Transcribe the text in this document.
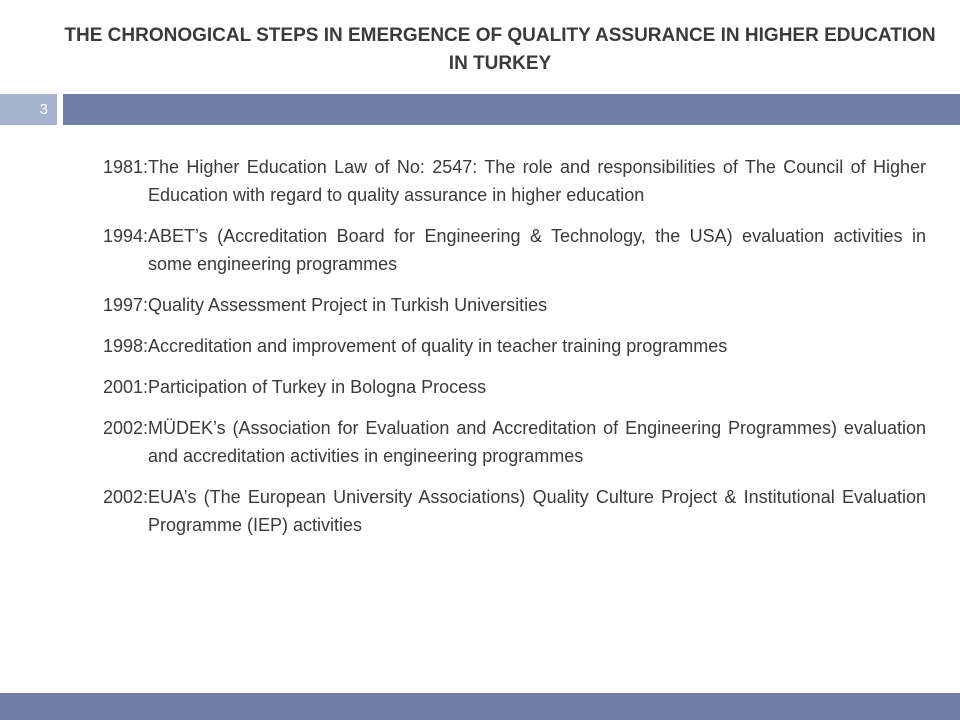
THE CHRONOGICAL STEPS IN EMERGENCE OF QUALITY ASSURANCE IN HIGHER EDUCATION IN TURKEY
3
1981: The Higher Education Law of No: 2547: The role and responsibilities of The Council of Higher Education with regard to quality assurance in higher education
1994: ABET’s (Accreditation Board for Engineering & Technology, the USA) evaluation activities in some engineering programmes
1997: Quality Assessment Project in Turkish Universities
1998: Accreditation and improvement of quality in teacher training programmes
2001: Participation of Turkey in Bologna Process
2002: MÜDEK’s (Association for Evaluation and Accreditation of Engineering Programmes) evaluation and accreditation activities in engineering programmes
2002: EUA’s (The European University Associations) Quality Culture Project & Institutional Evaluation Programme (IEP) activities
